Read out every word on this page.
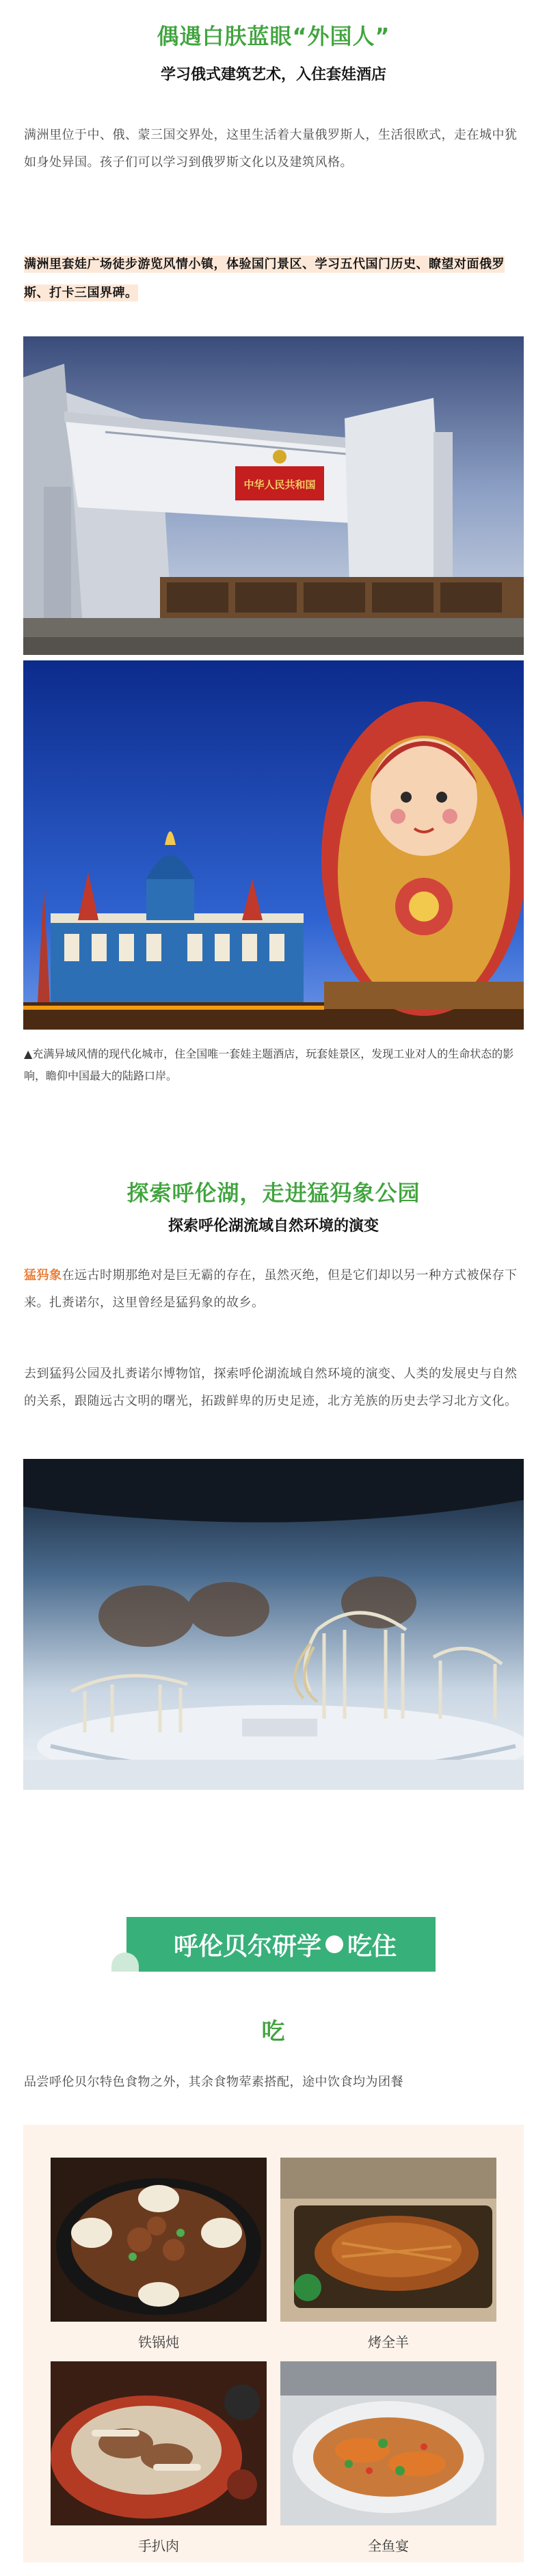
偶遇白肤蓝眼“外国人”
学习俄式建筑艺术，入住套娃酒店

满洲里位于中、俄、蒙三国交界处，这里生活着大量俄罗斯人，生活很欧式，走在城中犹如身处异国。孩子们可以学习到俄罗斯文化以及建筑风格。

满洲里套娃广场徒步游览风情小镇，体验国门景区、学习五代国门历史、瞭望对面俄罗斯、打卡三国界碑。

中华人民共和国

▲充满异域风情的现代化城市，住全国唯一套娃主题酒店，玩套娃景区，发现工业对人的生命状态的影响，瞻仰中国最大的陆路口岸。

探索呼伦湖，走进猛犸象公园
探索呼伦湖流域自然环境的演变

猛犸象在远古时期那绝对是巨无霸的存在，虽然灭绝，但是它们却以另一种方式被保存下来。扎赉诺尔，这里曾经是猛犸象的故乡。

去到猛犸公园及扎赉诺尔博物馆，探索呼伦湖流域自然环境的演变、人类的发展史与自然的关系，跟随远古文明的曙光，拓跋鲜卑的历史足迹，北方羌族的历史去学习北方文化。

呼伦贝尔研学 吃住
吃

品尝呼伦贝尔特色食物之外，其余食物荤素搭配，途中饮食均为团餐

铁锅炖	烤全羊
手扒肉	全鱼宴
